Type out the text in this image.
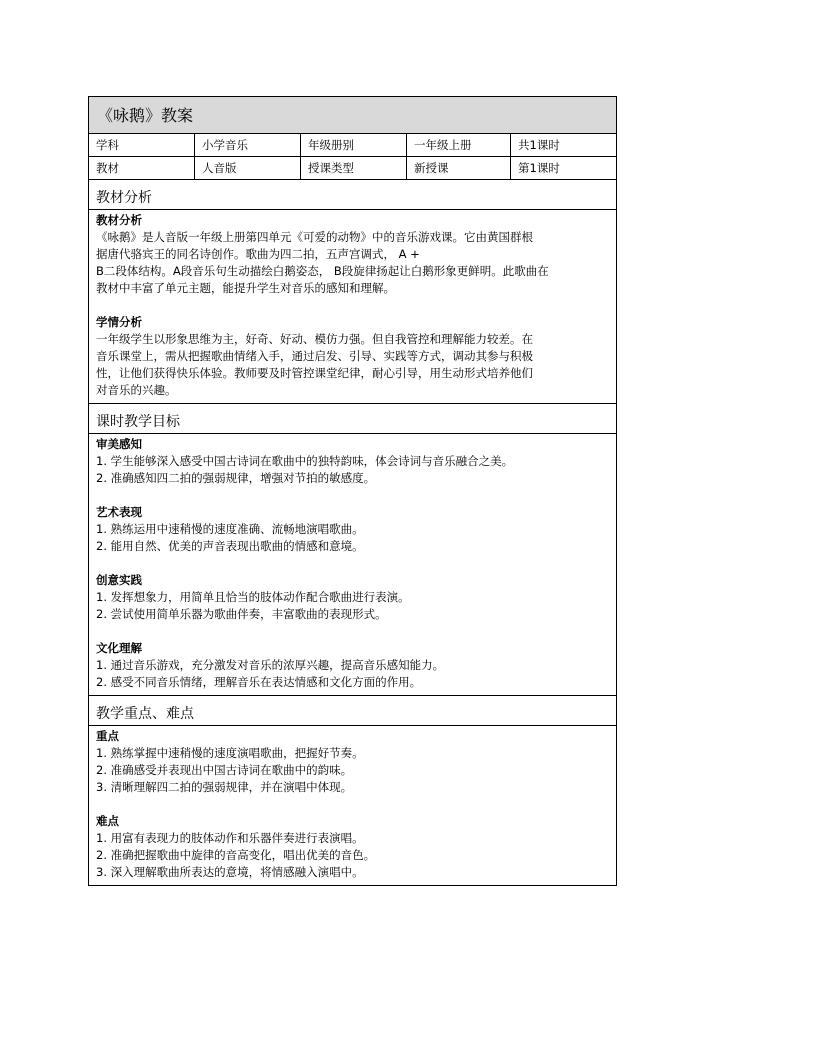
《咏鹅》教案
学科	小学音乐	年级册别	一年级上册	共1课时
教材	人音版	授课类型	新授课	第1课时
教材分析
教材分析
《咏鹅》是人音版一年级上册第四单元《可爱的动物》中的音乐游戏课。它由黄国群根
据唐代骆宾王的同名诗创作。歌曲为四二拍，五声宫调式， A +
B二段体结构。A段音乐句生动描绘白鹅姿态， B段旋律扬起让白鹅形象更鲜明。此歌曲在
教材中丰富了单元主题，能提升学生对音乐的感知和理解。
学情分析
一年级学生以形象思维为主，好奇、好动、模仿力强。但自我管控和理解能力较差。在
音乐课堂上，需从把握歌曲情绪入手，通过启发、引导、实践等方式，调动其参与积极
性，让他们获得快乐体验。教师要及时管控课堂纪律，耐心引导，用生动形式培养他们
对音乐的兴趣。
课时教学目标
审美感知
1. 学生能够深入感受中国古诗词在歌曲中的独特韵味，体会诗词与音乐融合之美。
2. 准确感知四二拍的强弱规律，增强对节拍的敏感度。
艺术表现
1. 熟练运用中速稍慢的速度准确、流畅地演唱歌曲。
2. 能用自然、优美的声音表现出歌曲的情感和意境。
创意实践
1. 发挥想象力，用简单且恰当的肢体动作配合歌曲进行表演。
2. 尝试使用简单乐器为歌曲伴奏，丰富歌曲的表现形式。
文化理解
1. 通过音乐游戏，充分激发对音乐的浓厚兴趣，提高音乐感知能力。
2. 感受不同音乐情绪，理解音乐在表达情感和文化方面的作用。
教学重点、难点
重点
1. 熟练掌握中速稍慢的速度演唱歌曲，把握好节奏。
2. 准确感受并表现出中国古诗词在歌曲中的韵味。
3. 清晰理解四二拍的强弱规律，并在演唱中体现。
难点
1. 用富有表现力的肢体动作和乐器伴奏进行表演唱。
2. 准确把握歌曲中旋律的音高变化，唱出优美的音色。
3. 深入理解歌曲所表达的意境，将情感融入演唱中。
